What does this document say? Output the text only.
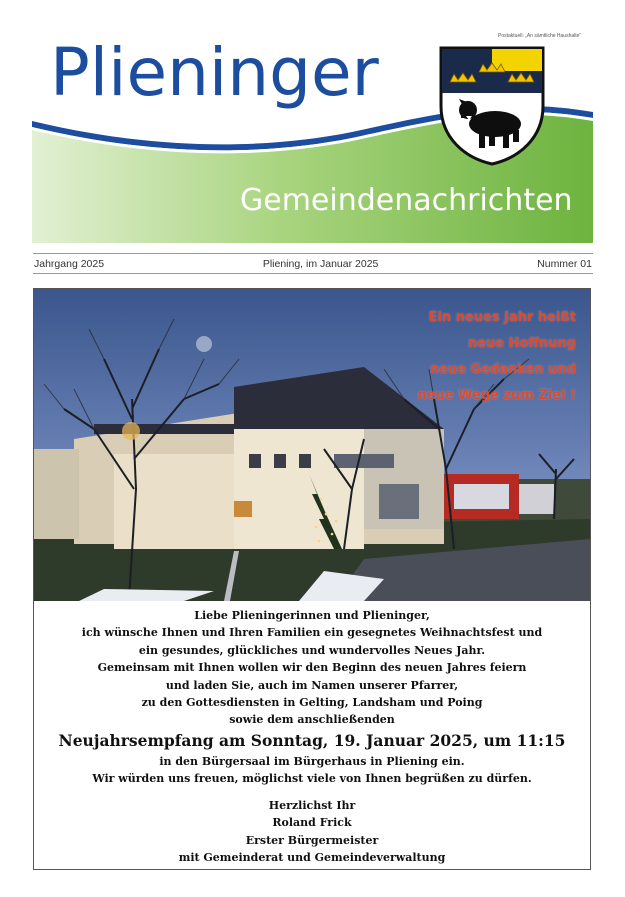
Postaktuell: „An sämtliche Haushalte“
Plieninger
Gemeindenachrichten
Jahrgang 2025	Pliening, im Januar 2025	Nummer 01
Ein neues Jahr heißt
neue Hoffnung
neue Gedanken und
neue Wege zum Ziel !
Liebe Plieningerinnen und Plieninger,
ich wünsche Ihnen und Ihren Familien ein gesegnetes Weihnachtsfest und
ein gesundes, glückliches und wundervolles Neues Jahr.
Gemeinsam mit Ihnen wollen wir den Beginn des neuen Jahres feiern
und laden Sie, auch im Namen unserer Pfarrer,
zu den Gottesdiensten in Gelting, Landsham und Poing
sowie dem anschließenden
Neujahrsempfang am Sonntag, 19. Januar 2025, um 11:15
in den Bürgersaal im Bürgerhaus in Pliening ein.
Wir würden uns freuen, möglichst viele von Ihnen begrüßen zu dürfen.
Herzlichst Ihr
Roland Frick
Erster Bürgermeister
mit Gemeinderat und Gemeindeverwaltung
